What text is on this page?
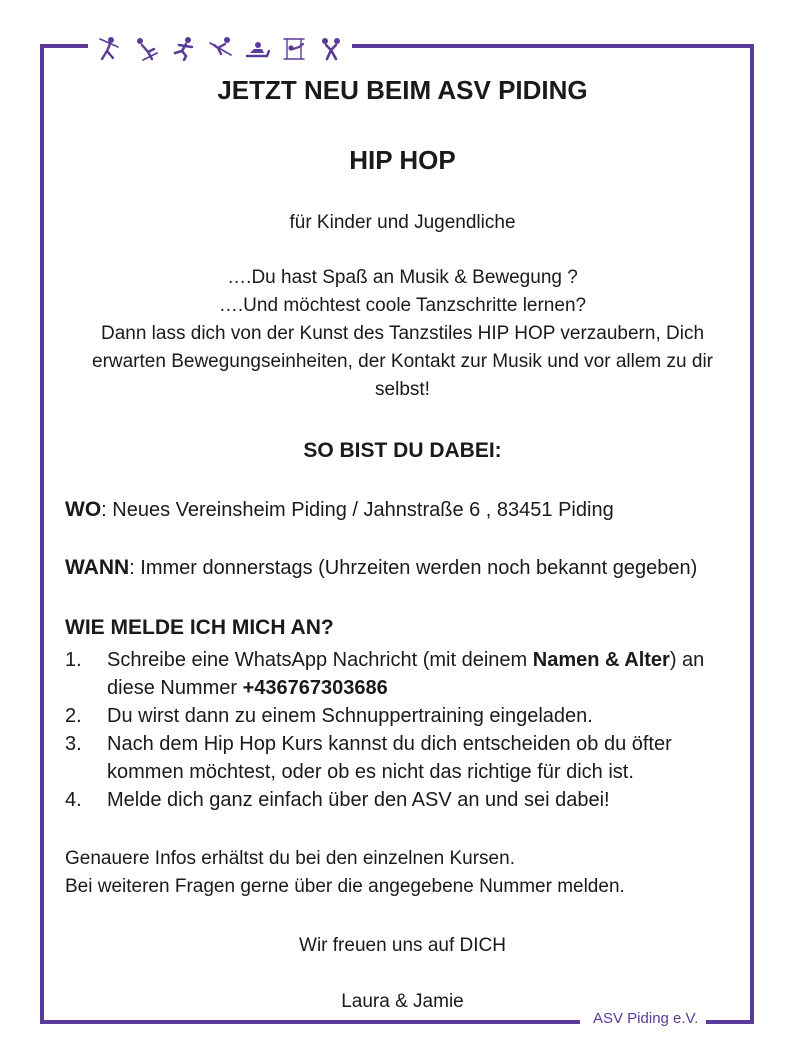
JETZT NEU BEIM ASV PIDING
HIP HOP
für Kinder und Jugendliche
….Du hast Spaß an Musik & Bewegung ?
….Und möchtest coole Tanzschritte lernen?
Dann lass dich von der Kunst des Tanzstiles HIP HOP verzaubern, Dich erwarten Bewegungseinheiten, der Kontakt zur Musik und vor allem zu dir selbst!
SO BIST DU DABEI:
WO: Neues Vereinsheim Piding / Jahnstraße 6 , 83451 Piding
WANN: Immer donnerstags (Uhrzeiten werden noch bekannt gegeben)
WIE MELDE ICH MICH AN?
1.	Schreibe eine WhatsApp Nachricht (mit deinem Namen & Alter) an diese Nummer +436767303686
2.	Du wirst dann zu einem Schnuppertraining eingeladen.
3.	Nach dem Hip Hop Kurs kannst du dich entscheiden ob du öfter kommen möchtest, oder ob es nicht das richtige für dich ist.
4.	Melde dich ganz einfach über den ASV an und sei dabei!
Genauere Infos erhältst du bei den einzelnen Kursen.
Bei weiteren Fragen gerne über die angegebene Nummer melden.
Wir freuen uns auf DICH
Laura & Jamie
ASV Piding e.V.
